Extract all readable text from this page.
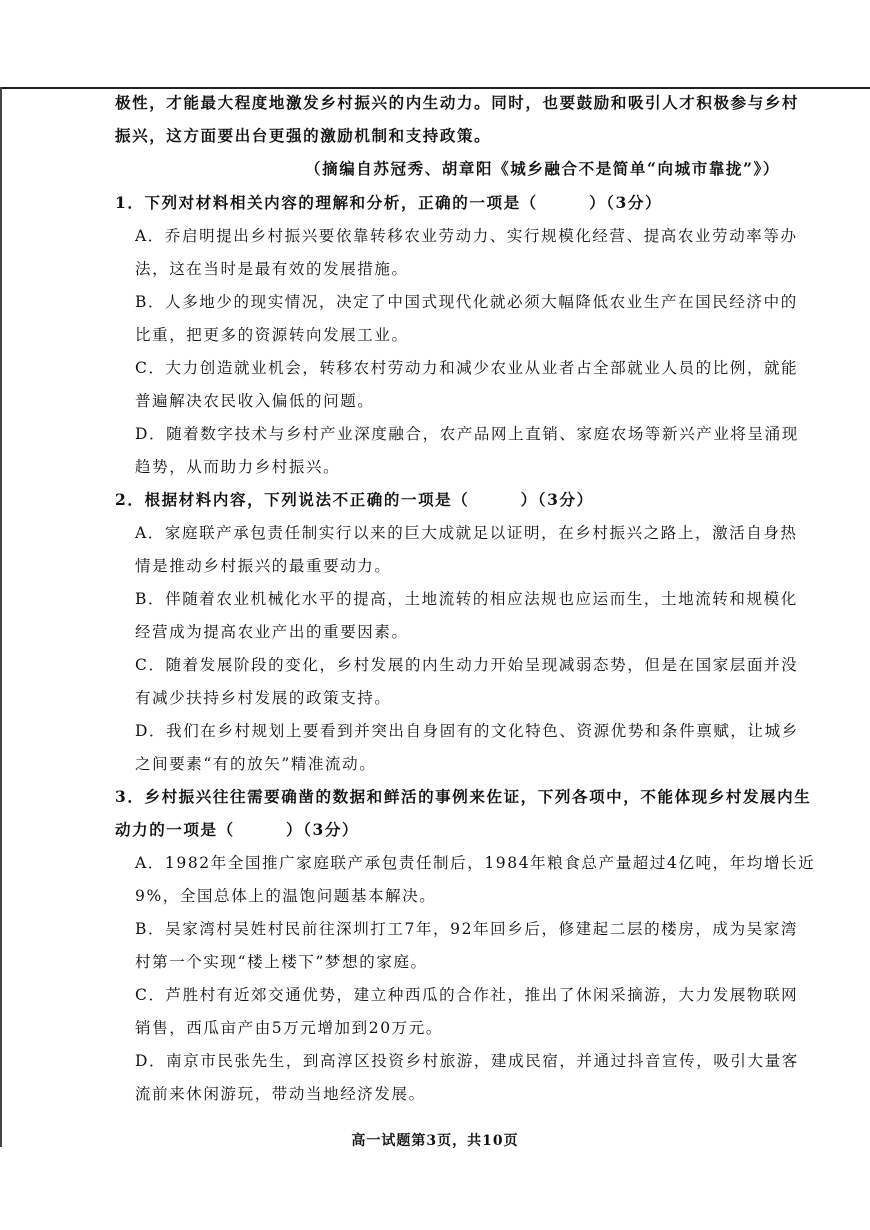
极性，才能最大程度地激发乡村振兴的内生动力。同时，也要鼓励和吸引人才积极参与乡村
振兴，这方面要出台更强的激励机制和支持政策。
（摘编自苏冠秀、胡章阳《城乡融合不是简单“向城市靠拢”》）
1．下列对材料相关内容的理解和分析，正确的一项是（　　　）（3分）
A．乔启明提出乡村振兴要依靠转移农业劳动力、实行规模化经营、提高农业劳动率等办
法，这在当时是最有效的发展措施。
B．人多地少的现实情况，决定了中国式现代化就必须大幅降低农业生产在国民经济中的
比重，把更多的资源转向发展工业。
C．大力创造就业机会，转移农村劳动力和减少农业从业者占全部就业人员的比例，就能
普遍解决农民收入偏低的问题。
D．随着数字技术与乡村产业深度融合，农产品网上直销、家庭农场等新兴产业将呈涌现
趋势，从而助力乡村振兴。
2．根据材料内容，下列说法不正确的一项是（　　　）（3分）
A．家庭联产承包责任制实行以来的巨大成就足以证明，在乡村振兴之路上，激活自身热
情是推动乡村振兴的最重要动力。
B．伴随着农业机械化水平的提高，土地流转的相应法规也应运而生，土地流转和规模化
经营成为提高农业产出的重要因素。
C．随着发展阶段的变化，乡村发展的内生动力开始呈现减弱态势，但是在国家层面并没
有减少扶持乡村发展的政策支持。
D．我们在乡村规划上要看到并突出自身固有的文化特色、资源优势和条件禀赋，让城乡
之间要素“有的放矢”精准流动。
3．乡村振兴往往需要确凿的数据和鲜活的事例来佐证，下列各项中，不能体现乡村发展内生
动力的一项是（　　　）（3分）
A．1982年全国推广家庭联产承包责任制后，1984年粮食总产量超过4亿吨，年均增长近
9%，全国总体上的温饱问题基本解决。
B．吴家湾村吴姓村民前往深圳打工7年，92年回乡后，修建起二层的楼房，成为吴家湾
村第一个实现“楼上楼下”梦想的家庭。
C．芦胜村有近郊交通优势，建立种西瓜的合作社，推出了休闲采摘游，大力发展物联网
销售，西瓜亩产由5万元增加到20万元。
D．南京市民张先生，到高淳区投资乡村旅游，建成民宿，并通过抖音宣传，吸引大量客
流前来休闲游玩，带动当地经济发展。
高一试题第3页，共10页
